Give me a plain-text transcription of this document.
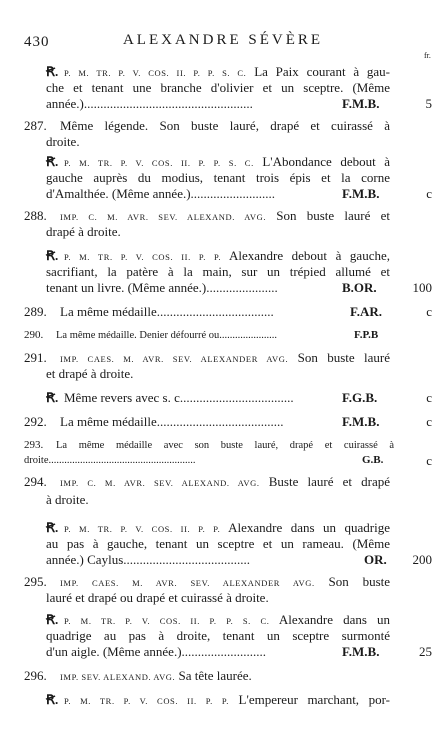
430	ALEXANDRE SÉVÈRE
fr.
Ꞧ. P. M. TR. P. V. COS. II. P. P. S. C. La Paix courant à gau-
che et tenant une branche d'olivier et un sceptre. (Même
année.)....................................................	F.M.B.	5
287.	Même légende. Son buste lauré, drapé et cuirassé à
droite.
Ꞧ. P. M. TR. P. V. COS. II. P. P. S. C. L'Abondance debout à
gauche auprès du modius, tenant trois épis et la corne
d'Amalthée. (Même année.)..........................	F.M.B.	c
288.	IMP. C. M. AVR. SEV. ALEXAND. AVG. Son buste lauré et
drapé à droite.
Ꞧ. P. M. TR. P. V. COS. II. P. P. Alexandre debout à gauche,
sacrifiant, la patère à la main, sur un trépied allumé et
tenant un livre. (Même année.)......................	B.OR.	100
289.	La même médaille....................................	F.AR.	c
290.	La même médaille. Denier défourré ou......................	F.P.B
291.	IMP. CAES. M. AVR. SEV. ALEXANDER AVG. Son buste lauré
et drapé à droite.
Ꞧ. Même revers avec s. c...................................	F.G.B.	c
292.	La même médaille.......................................	F.M.B.	c
293.	La même médaille avec son buste lauré, drapé et cuirassé à
droite........................................................	G.B.	c
294.	IMP. C. M. AVR. SEV. ALEXAND. AVG. Buste lauré et drapé
à droite.
Ꞧ. P. M. TR. P. V. COS. II. P. P. Alexandre dans un quadrige
au pas à gauche, tenant un sceptre et un rameau. (Même
année.) Caylus.......................................	OR.	200
295.	IMP. CAES. M. AVR. SEV. ALEXANDER AVG. Son buste
lauré et drapé ou drapé et cuirassé à droite.
Ꞧ. P. M. TR. P. V. COS. II. P. P. S. C. Alexandre dans un
quadrige au pas à droite, tenant un sceptre surmonté
d'un aigle. (Même année.)..........................	F.M.B.	25
296.	IMP. SEV. ALEXAND. AVG. Sa tête laurée.
Ꞧ. P. M. TR. P. V. COS. II. P. P. L'empereur marchant, por-
